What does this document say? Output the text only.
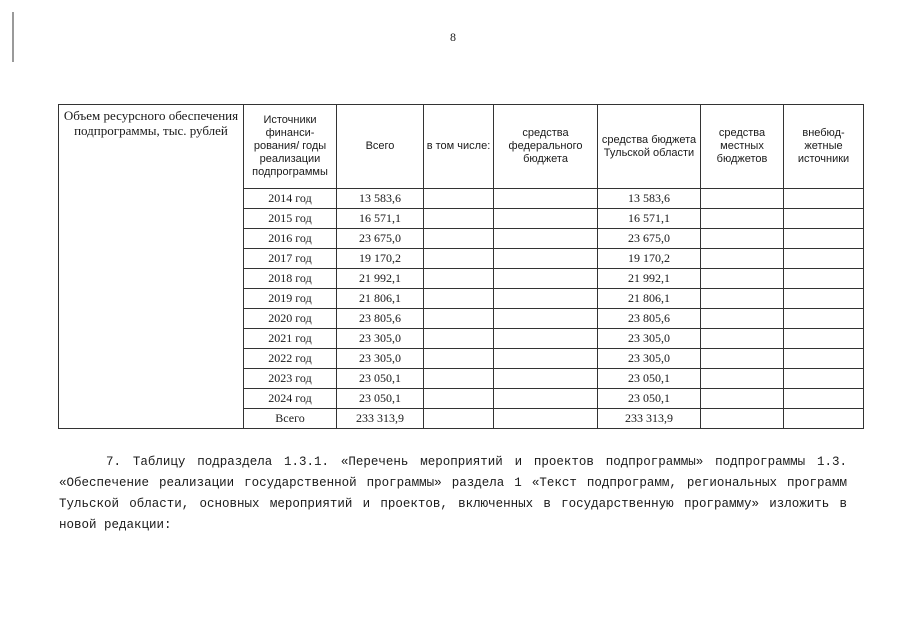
8
Объем ресурсного обеспечения подпрограммы, тыс. рублей	Источники финанси-рования/ годы реализации подпрограммы	Всего	в том числе:	средства федерального бюджета	средства бюджета Тульской области	средства местных бюджетов	внебюд-жетные источники
	2014 год	13 583,6			13 583,6		
	2015 год	16 571,1			16 571,1		
	2016 год	23 675,0			23 675,0		
	2017 год	19 170,2			19 170,2		
	2018 год	21 992,1			21 992,1		
	2019 год	21 806,1			21 806,1		
	2020 год	23 805,6			23 805,6		
	2021 год	23 305,0			23 305,0		
	2022 год	23 305,0			23 305,0		
	2023 год	23 050,1			23 050,1		
	2024 год	23 050,1			23 050,1		
	Всего	233 313,9			233 313,9		
7. Таблицу подраздела 1.3.1. «Перечень мероприятий и проектов подпрограммы» подпрограммы 1.3. «Обеспечение реализации государственной программы» раздела 1 «Текст подпрограмм, региональных программ Тульской области, основных мероприятий и проектов, включенных в государственную программу» изложить в новой редакции:
